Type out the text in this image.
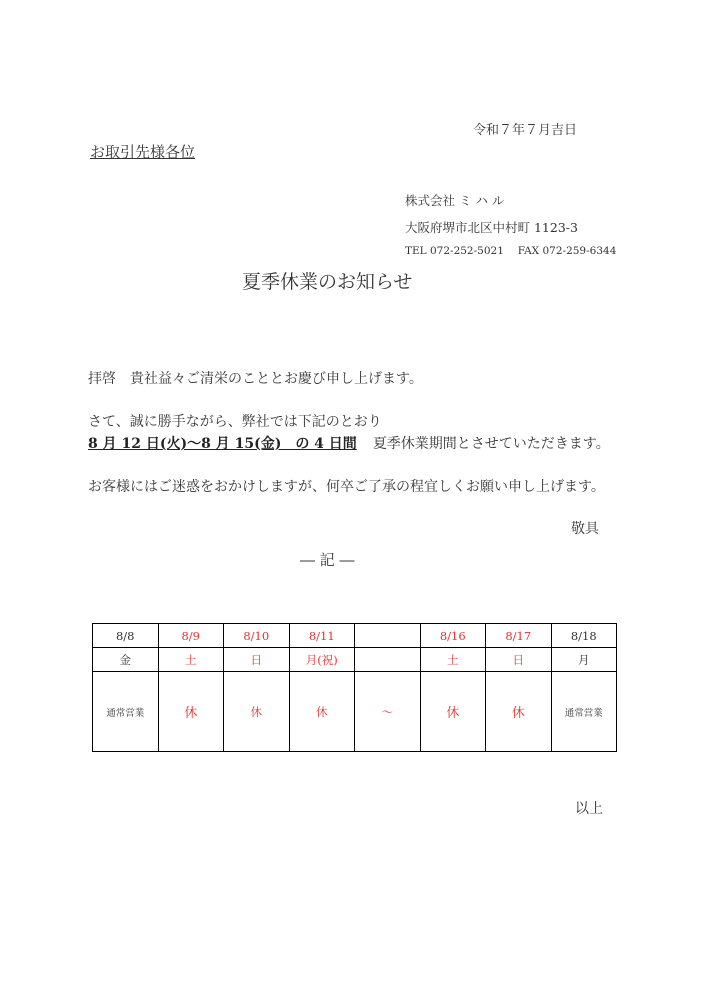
令和７年７月吉日
お取引先様各位
株式会社 ミ ハ ル
大阪府堺市北区中村町 1123-3
TEL 072-252-5021　 FAX 072-259-6344
夏季休業のお知らせ
拝啓　貴社益々ご清栄のこととお慶び申し上げます。
さて、誠に勝手ながら、弊社では下記のとおり
8 月 12 日(火)～8 月 15(金)　の 4 日間 夏季休業期間とさせていただきます。
お客様にはご迷惑をおかけしますが、何卒ご了承の程宜しくお願い申し上げます。
敬具
― 記 ―
8/8	8/9	8/10	8/11		8/16	8/17	8/18
金	土	日	月(祝)		土	日	月
通常営業	休	休	休	～	休	休	通常営業
以上
